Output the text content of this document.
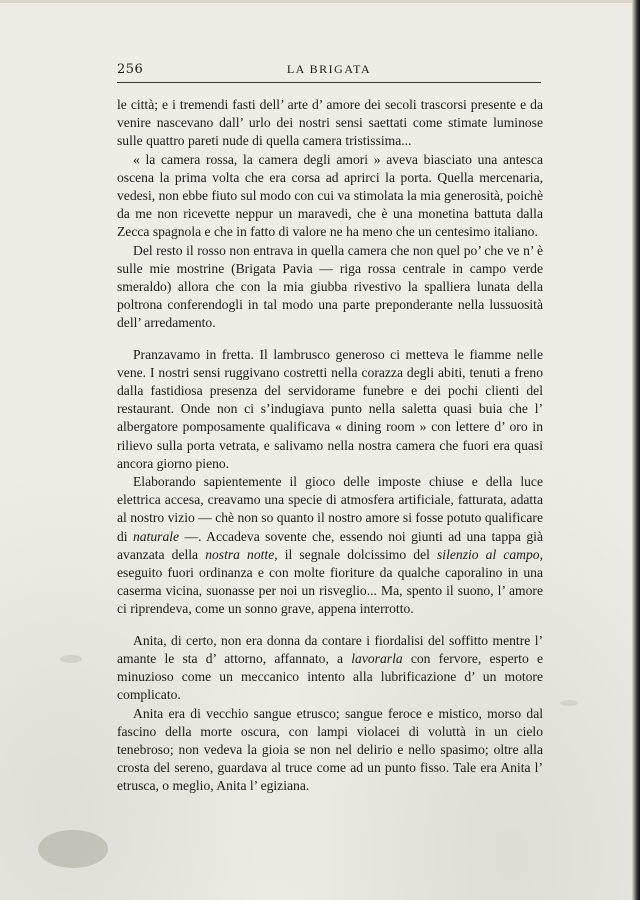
256	LA BRIGATA

le città; e i tremendi fasti dell’ arte d’ amore dei secoli trascorsi presente e da venire nascevano dall’ urlo dei nostri sensi saettati come stimate luminose sulle quattro pareti nude di quella camera tristissima...

« la camera rossa, la camera degli amori » aveva biasciato una antesca oscena la prima volta che era corsa ad aprirci la porta. Quella mercenaria, vedesi, non ebbe fiuto sul modo con cui va stimolata la mia generosità, poichè da me non ricevette neppur un maravedi, che è una monetina battuta dalla Zecca spagnola e che in fatto di valore ne ha meno che un centesimo italiano.

Del resto il rosso non entrava in quella camera che non quel po’ che ve n’ è sulle mie mostrine (Brigata Pavia — riga rossa centrale in campo verde smeraldo) allora che con la mia giubba rivestivo la spalliera lunata della poltrona conferendogli in tal modo una parte preponderante nella lussuosità dell’ arredamento.

Pranzavamo in fretta. Il lambrusco generoso ci metteva le fiamme nelle vene. I nostri sensi ruggivano costretti nella corazza degli abiti, tenuti a freno dalla fastidiosa presenza del servidorame funebre e dei pochi clienti del restaurant. Onde non ci s’indugiava punto nella saletta quasi buia che l’ albergatore pomposamente qualificava « dining room » con lettere d’ oro in rilievo sulla porta vetrata, e salivamo nella nostra camera che fuori era quasi ancora giorno pieno.

Elaborando sapientemente il gioco delle imposte chiuse e della luce elettrica accesa, creavamo una specie di atmosfera artificiale, fatturata, adatta al nostro vizio — chè non so quanto il nostro amore si fosse potuto qualificare di naturale —. Accadeva sovente che, essendo noi giunti ad una tappa già avanzata della nostra notte, il segnale dolcissimo del silenzio al campo, eseguito fuori ordinanza e con molte fioriture da qualche caporalino in una caserma vicina, suonasse per noi un risveglio... Ma, spento il suono, l’ amore ci riprendeva, come un sonno grave, appena interrotto.

Anita, di certo, non era donna da contare i fiordalisi del soffitto mentre l’ amante le sta d’ attorno, affannato, a lavorarla con fervore, esperto e minuzioso come un meccanico intento alla lubrificazione d’ un motore complicato.

Anita era di vecchio sangue etrusco; sangue feroce e mistico, morso dal fascino della morte oscura, con lampi violacei di voluttà in un cielo tenebroso; non vedeva la gioia se non nel delirio e nello spasimo; oltre alla crosta del sereno, guardava al truce come ad un punto fisso. Tale era Anita l’ etrusca, o meglio, Anita l’ egiziana.
